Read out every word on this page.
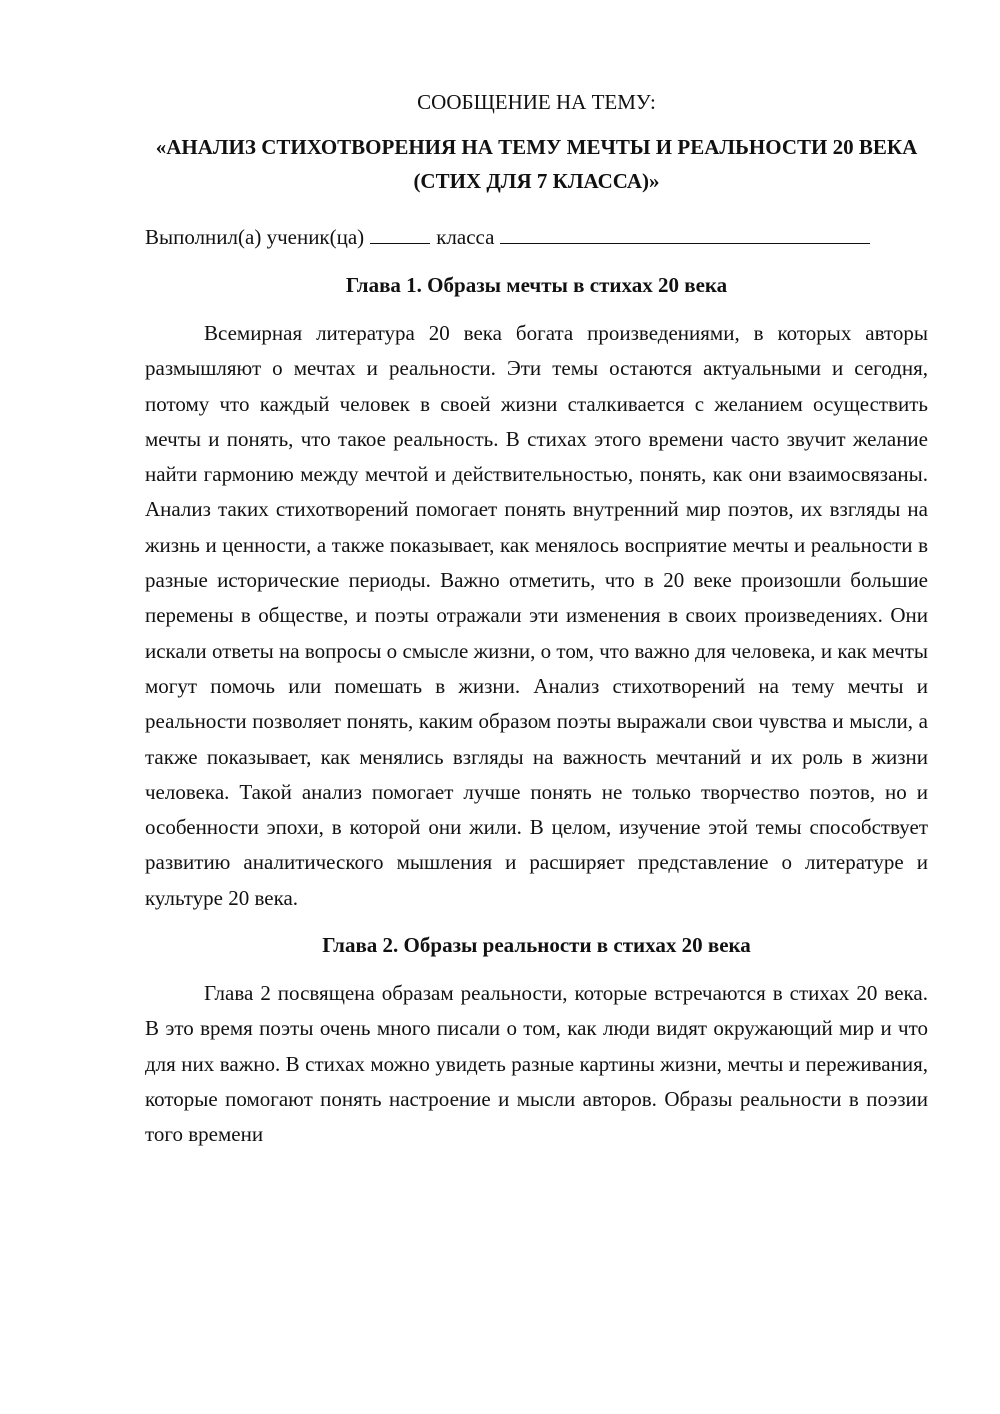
СООБЩЕНИЕ НА ТЕМУ:
«АНАЛИЗ СТИХОТВОРЕНИЯ НА ТЕМУ МЕЧТЫ И РЕАЛЬНОСТИ 20 ВЕКА (СТИХ ДЛЯ 7 КЛАССА)»
Выполнил(а) ученик(ца)	класса
Глава 1. Образы мечты в стихах 20 века

Всемирная литература 20 века богата произведениями, в которых авторы размышляют о мечтах и реальности. Эти темы остаются актуальными и сегодня, потому что каждый человек в своей жизни сталкивается с желанием осуществить мечты и понять, что такое реальность. В стихах этого времени часто звучит желание найти гармонию между мечтой и действительностью, понять, как они взаимосвязаны. Анализ таких стихотворений помогает понять внутренний мир поэтов, их взгляды на жизнь и ценности, а также показывает, как менялось восприятие мечты и реальности в разные исторические периоды. Важно отметить, что в 20 веке произошли большие перемены в обществе, и поэты отражали эти изменения в своих произведениях. Они искали ответы на вопросы о смысле жизни, о том, что важно для человека, и как мечты могут помочь или помешать в жизни. Анализ стихотворений на тему мечты и реальности позволяет понять, каким образом поэты выражали свои чувства и мысли, а также показывает, как менялись взгляды на важность мечтаний и их роль в жизни человека. Такой анализ помогает лучше понять не только творчество поэтов, но и особенности эпохи, в которой они жили. В целом, изучение этой темы способствует развитию аналитического мышления и расширяет представление о литературе и культуре 20 века.

Глава 2. Образы реальности в стихах 20 века

Глава 2 посвящена образам реальности, которые встречаются в стихах 20 века. В это время поэты очень много писали о том, как люди видят окружающий мир и что для них важно. В стихах можно увидеть разные картины жизни, мечты и переживания, которые помогают понять настроение и мысли авторов. Образы реальности в поэзии того времени
